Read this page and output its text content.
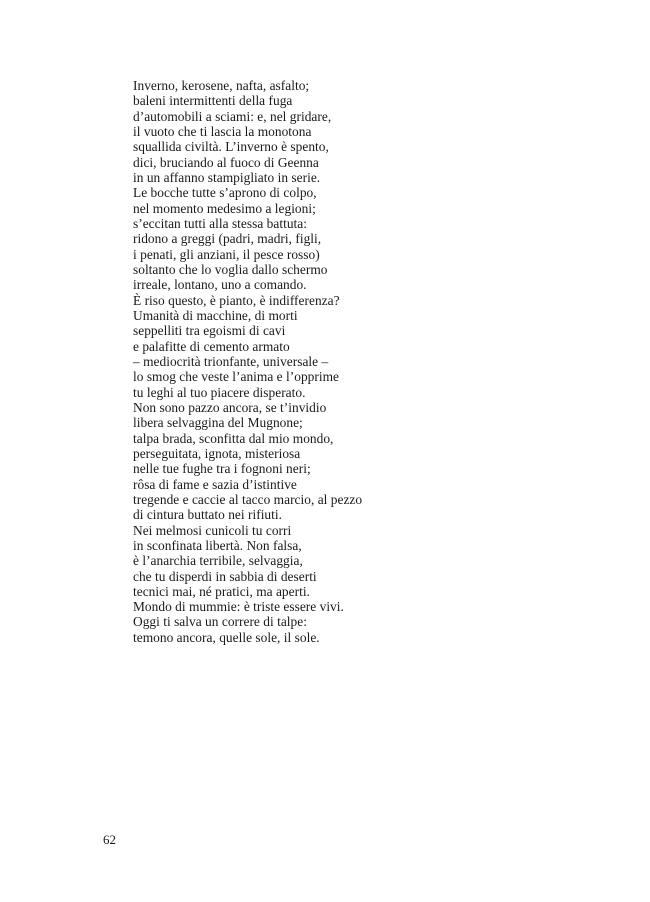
Inverno, kerosene, nafta, asfalto;
baleni intermittenti della fuga
d’automobili a sciami: e, nel gridare,
il vuoto che ti lascia la monotona
squallida civiltà. L’inverno è spento,
dici, bruciando al fuoco di Geenna
in un affanno stampigliato in serie.
Le bocche tutte s’aprono di colpo,
nel momento medesimo a legioni;
s’eccitan tutti alla stessa battuta:
ridono a greggi (padri, madri, figli,
i penati, gli anziani, il pesce rosso)
soltanto che lo voglia dallo schermo
irreale, lontano, uno a comando.
È riso questo, è pianto, è indifferenza?
Umanità di macchine, di morti
seppelliti tra egoismi di cavi
e palafitte di cemento armato
– mediocrità trionfante, universale –
lo smog che veste l’anima e l’opprime
tu leghi al tuo piacere disperato.
Non sono pazzo ancora, se t’invidio
libera selvaggina del Mugnone;
talpa brada, sconfitta dal mio mondo,
perseguitata, ignota, misteriosa
nelle tue fughe tra i fognoni neri;
rôsa di fame e sazia d’istintive
tregende e caccie al tacco marcio, al pezzo
di cintura buttato nei rifiuti.
Nei melmosi cunicoli tu corri
in sconfinata libertà. Non falsa,
è l’anarchia terribile, selvaggia,
che tu disperdi in sabbia di deserti
tecnici mai, né pratici, ma aperti.
Mondo di mummie: è triste essere vivi.
Oggi ti salva un correre di talpe:
temono ancora, quelle sole, il sole.
62
